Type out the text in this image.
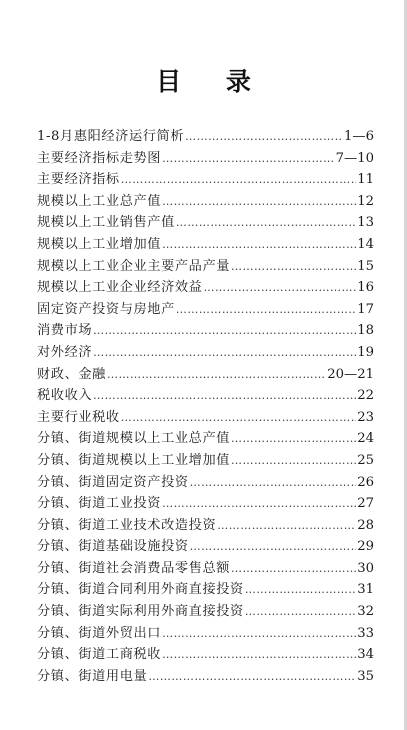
目 录
1-8月惠阳经济运行简析 ……………………………………………………………………………………………………………………………………	1—6
主要经济指标走势图 ……………………………………………………………………………………………………………………………………	7—10
主要经济指标 ……………………………………………………………………………………………………………………………………	11
规模以上工业总产值 ……………………………………………………………………………………………………………………………………	12
规模以上工业销售产值 ……………………………………………………………………………………………………………………………………	13
规模以上工业增加值 ……………………………………………………………………………………………………………………………………	14
规模以上工业企业主要产品产量 ……………………………………………………………………………………………………………………………………	15
规模以上工业企业经济效益 ……………………………………………………………………………………………………………………………………	16
固定资产投资与房地产 ……………………………………………………………………………………………………………………………………	17
消费市场 ……………………………………………………………………………………………………………………………………	18
对外经济 ……………………………………………………………………………………………………………………………………	19
财政、金融 ……………………………………………………………………………………………………………………………………	20—21
税收收入 ……………………………………………………………………………………………………………………………………	22
主要行业税收 ……………………………………………………………………………………………………………………………………	23
分镇、街道规模以上工业总产值 ……………………………………………………………………………………………………………………………………	24
分镇、街道规模以上工业增加值 ……………………………………………………………………………………………………………………………………	25
分镇、街道固定资产投资 ……………………………………………………………………………………………………………………………………	26
分镇、街道工业投资 ……………………………………………………………………………………………………………………………………	27
分镇、街道工业技术改造投资 ……………………………………………………………………………………………………………………………………	28
分镇、街道基础设施投资 ……………………………………………………………………………………………………………………………………	29
分镇、街道社会消费品零售总额 ……………………………………………………………………………………………………………………………………	30
分镇、街道合同利用外商直接投资 ……………………………………………………………………………………………………………………………………	31
分镇、街道实际利用外商直接投资 ……………………………………………………………………………………………………………………………………	32
分镇、街道外贸出口 ……………………………………………………………………………………………………………………………………	33
分镇、街道工商税收 ……………………………………………………………………………………………………………………………………	34
分镇、街道用电量 ……………………………………………………………………………………………………………………………………	35
